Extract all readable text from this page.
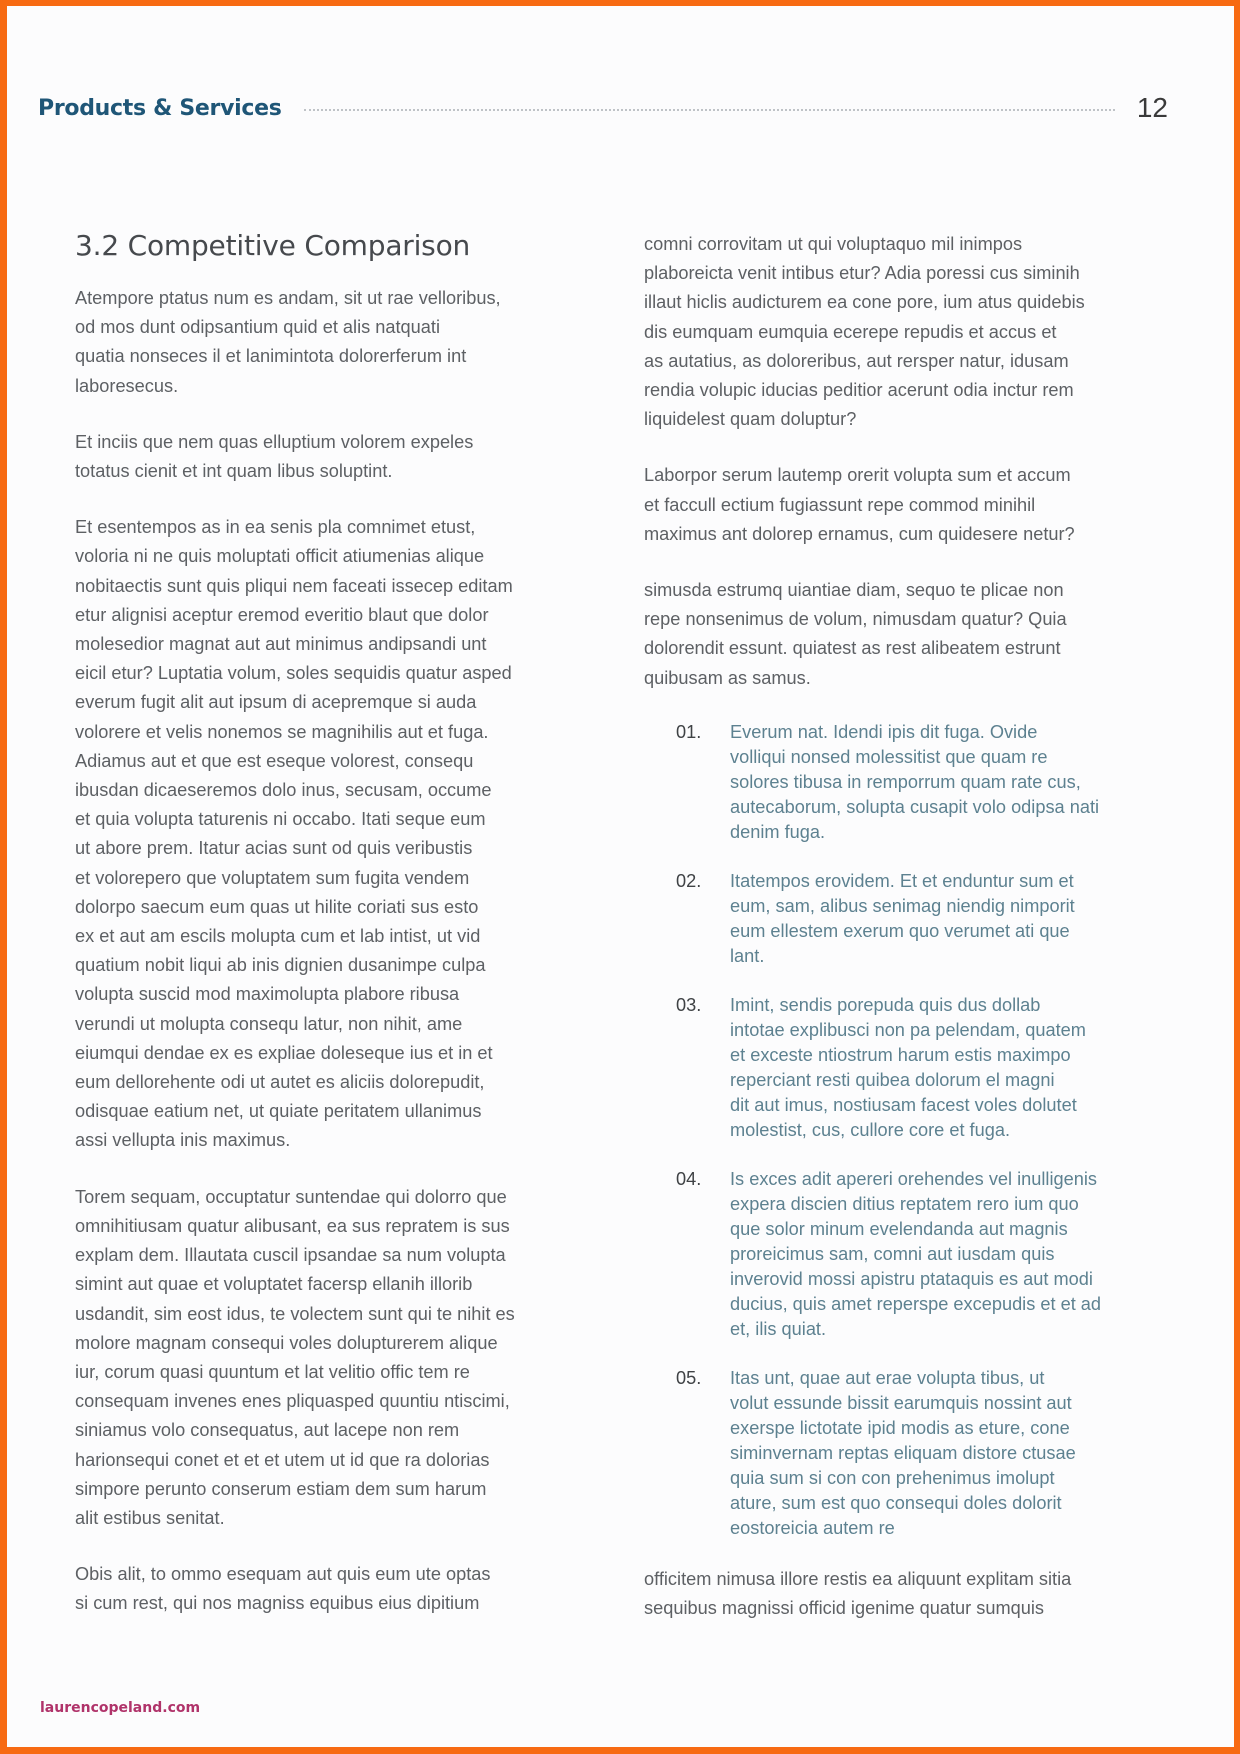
Products & Services	12
3.2 Competitive Comparison

Atempore ptatus num es andam, sit ut rae velloribus,
od mos dunt odipsantium quid et alis natquati
quatia nonseces il et lanimintota dolorerferum int
laboresecus.

Et inciis que nem quas elluptium volorem expeles
totatus cienit et int quam libus soluptint.

Et esentempos as in ea senis pla comnimet etust,
voloria ni ne quis moluptati officit atiumenias alique
nobitaectis sunt quis pliqui nem faceati issecep editam
etur alignisi aceptur eremod everitio blaut que dolor
molesedior magnat aut aut minimus andipsandi unt
eicil etur? Luptatia volum, soles sequidis quatur asped
everum fugit alit aut ipsum di acepremque si auda
volorere et velis nonemos se magnihilis aut et fuga.
Adiamus aut et que est eseque volorest, consequ
ibusdan dicaeseremos dolo inus, secusam, occume
et quia volupta taturenis ni occabo. Itati seque eum
ut abore prem. Itatur acias sunt od quis veribustis
et volorepero que voluptatem sum fugita vendem
dolorpo saecum eum quas ut hilite coriati sus esto
ex et aut am escils molupta cum et lab intist, ut vid
quatium nobit liqui ab inis dignien dusanimpe culpa
volupta suscid mod maximolupta plabore ribusa
verundi ut molupta consequ latur, non nihit, ame
eiumqui dendae ex es expliae doleseque ius et in et
eum dellorehente odi ut autet es aliciis dolorepudit,
odisquae eatium net, ut quiate peritatem ullanimus
assi vellupta inis maximus.

Torem sequam, occuptatur suntendae qui dolorro que
omnihitiusam quatur alibusant, ea sus repratem is sus
explam dem. Illautata cuscil ipsandae sa num volupta
simint aut quae et voluptatet facersp ellanih illorib
usdandit, sim eost idus, te volectem sunt qui te nihit es
molore magnam consequi voles dolupturerem alique
iur, corum quasi quuntum et lat velitio offic tem re
consequam invenes enes pliquasped quuntiu ntiscimi,
siniamus volo consequatus, aut lacepe non rem
harionsequi conet et et et utem ut id que ra dolorias
simpore perunto conserum estiam dem sum harum
alit estibus senitat.

Obis alit, to ommo esequam aut quis eum ute optas
si cum rest, qui nos magniss equibus eius dipitium

comni corrovitam ut qui voluptaquo mil inimpos
plaboreicta venit intibus etur? Adia poressi cus siminih
illaut hiclis audicturem ea cone pore, ium atus quidebis
dis eumquam eumquia ecerepe repudis et accus et
as autatius, as doloreribus, aut rersper natur, idusam
rendia volupic iducias peditior acerunt odia inctur rem
liquidelest quam doluptur?

Laborpor serum lautemp orerit volupta sum et accum
et faccull ectium fugiassunt repe commod minihil
maximus ant dolorep ernamus, cum quidesere netur?

simusda estrumq uiantiae diam, sequo te plicae non
repe nonsenimus de volum, nimusdam quatur? Quia
dolorendit essunt. quiatest as rest alibeatem estrunt
quibusam as samus.

01.	Everum nat. Idendi ipis dit fuga. Ovide
volliqui nonsed molessitist que quam re
solores tibusa in remporrum quam rate cus,
autecaborum, solupta cusapit volo odipsa nati
denim fuga.
02.	Itatempos erovidem. Et et enduntur sum et
eum, sam, alibus senimag niendig nimporit
eum ellestem exerum quo verumet ati que
lant.
03.	Imint, sendis porepuda quis dus dollab
intotae explibusci non pa pelendam, quatem
et exceste ntiostrum harum estis maximpo
reperciant resti quibea dolorum el magni
dit aut imus, nostiusam facest voles dolutet
molestist, cus, cullore core et fuga.
04.	Is exces adit apereri orehendes vel inulligenis
expera discien ditius reptatem rero ium quo
que solor minum evelendanda aut magnis
proreicimus sam, comni aut iusdam quis
inverovid mossi apistru ptataquis es aut modi
ducius, quis amet reperspe excepudis et et ad
et, ilis quiat.
05.	Itas unt, quae aut erae volupta tibus, ut
volut essunde bissit earumquis nossint aut
exerspe lictotate ipid modis as eture, cone
siminvernam reptas eliquam distore ctusae
quia sum si con con prehenimus imolupt
ature, sum est quo consequi doles dolorit
eostoreicia autem re

officitem nimusa illore restis ea aliquunt explitam sitia
sequibus magnissi officid igenime quatur sumquis

laurencopeland.com
